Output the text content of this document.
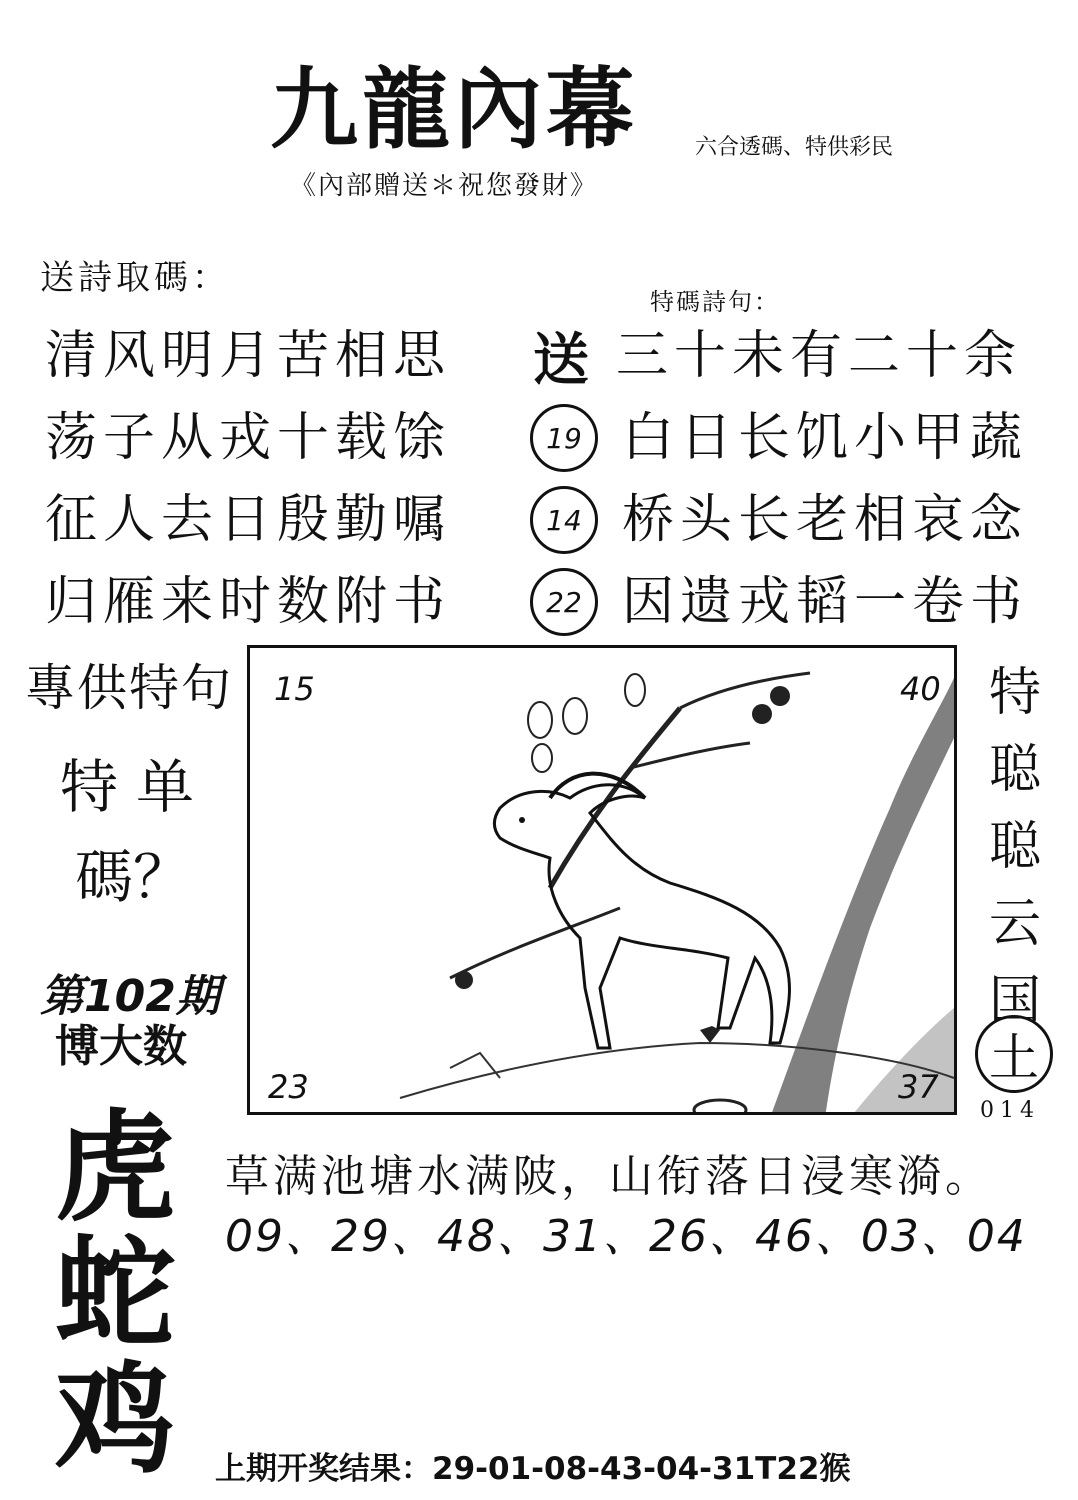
九龍內幕	六合透碼、特供彩民
《內部贈送＊祝您發財》
送詩取碼：
清风明月苦相思
荡子从戎十载馀
征人去日殷勤嘱
归雁来时数附书
特碼詩句：
送 三十未有二十余
19 白日长饥小甲蔬
14 桥头长老相哀念
22 因遗戎韬一卷书
專供特句
特单
碼？
第102期
博大数
虎
蛇
鸡
15	40
23	37
特
聪
聪
云
国
土
014
草满池塘水满陂，山衔落日浸寒漪。
09、29、48、31、26、46、03、04
上期开奖结果：29-01-08-43-04-31T22猴
